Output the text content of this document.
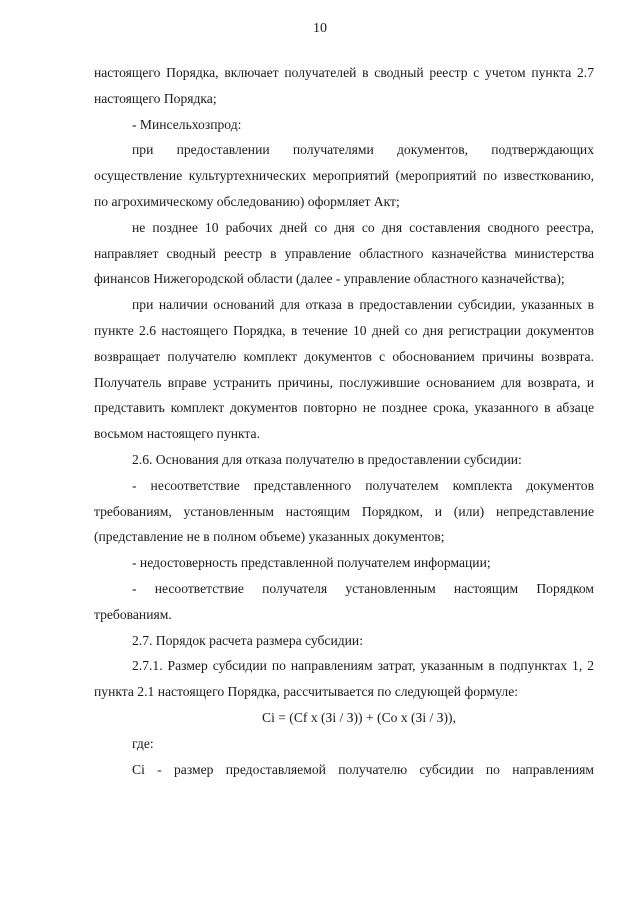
10

настоящего Порядка, включает получателей в сводный реестр с учетом пункта 2.7 настоящего Порядка;

- Минсельхозпрод:

при предоставлении получателями документов, подтверждающих осуществление культуртехнических мероприятий (мероприятий по известкованию, по агрохимическому обследованию) оформляет Акт;

не позднее 10 рабочих дней со дня со дня составления сводного реестра, направляет сводный реестр в управление областного казначейства министерства финансов Нижегородской области (далее - управление областного казначейства);

при наличии оснований для отказа в предоставлении субсидии, указанных в пункте 2.6 настоящего Порядка, в течение 10 дней со дня регистрации документов возвращает получателю комплект документов с обоснованием причины возврата. Получатель вправе устранить причины, послужившие основанием для возврата, и представить комплект документов повторно не позднее срока, указанного в абзаце восьмом настоящего пункта.

2.6. Основания для отказа получателю в предоставлении субсидии:

- несоответствие представленного получателем комплекта документов требованиям, установленным настоящим Порядком, и (или) непредставление (представление не в полном объеме) указанных документов;

- недостоверность представленной получателем информации;

- несоответствие получателя установленным настоящим Порядком требованиям.

2.7. Порядок расчета размера субсидии:

2.7.1. Размер субсидии по направлениям затрат, указанным в подпунктах 1, 2 пункта 2.1 настоящего Порядка, рассчитывается по следующей формуле:

Ci = (Cf x (Зi / З)) + (Co x (Зi / З)),

где:

Ci - размер предоставляемой получателю субсидии по направлениям
